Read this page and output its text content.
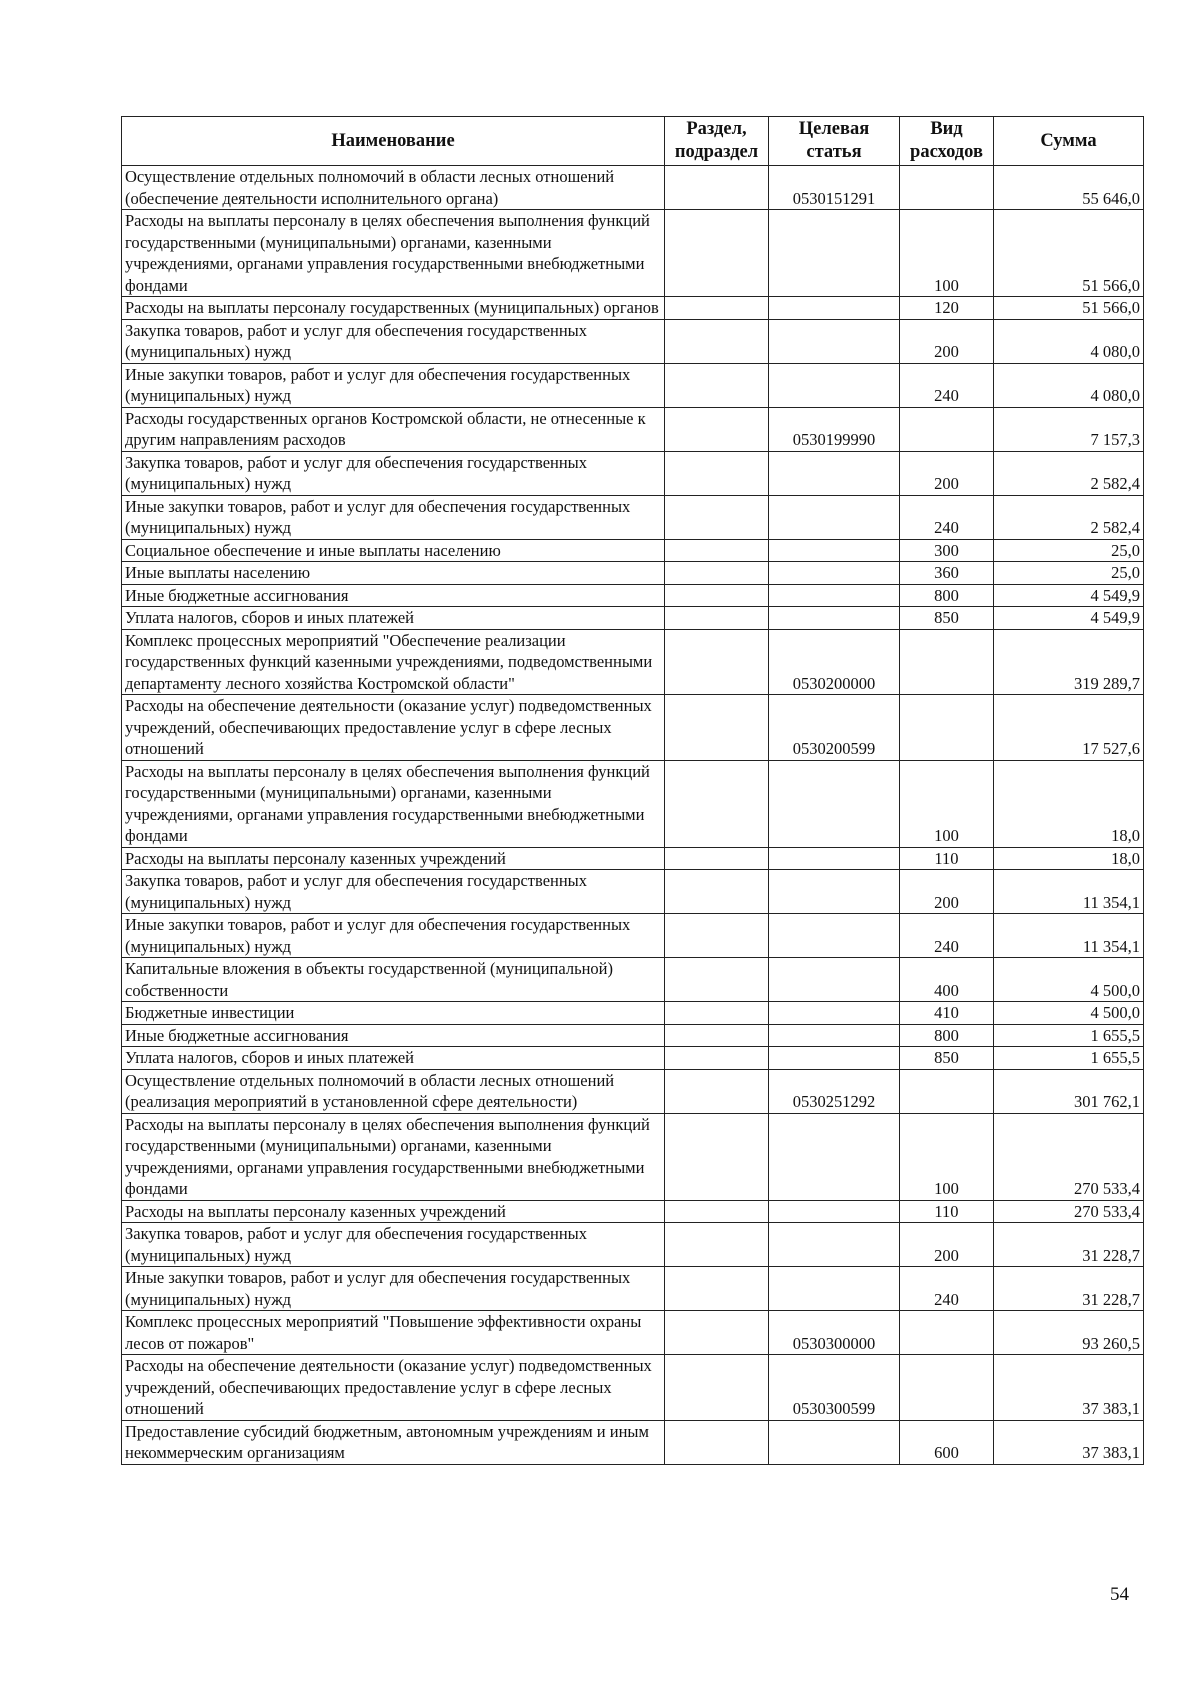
Наименование	Раздел, подраздел	Целевая статья	Вид расходов	Сумма
Осуществление отдельных полномочий в области лесных отношений (обеспечение деятельности исполнительного органа)		0530151291		55 646,0
Расходы на выплаты персоналу в целях обеспечения выполнения функций государственными (муниципальными) органами, казенными учреждениями, органами управления государственными внебюджетными фондами			100	51 566,0
Расходы на выплаты персоналу государственных (муниципальных) органов			120	51 566,0
Закупка товаров, работ и услуг для обеспечения государственных (муниципальных) нужд			200	4 080,0
Иные закупки товаров, работ и услуг для обеспечения государственных (муниципальных) нужд			240	4 080,0
Расходы государственных органов Костромской области, не отнесенные к другим направлениям расходов		0530199990		7 157,3
Закупка товаров, работ и услуг для обеспечения государственных (муниципальных) нужд			200	2 582,4
Иные закупки товаров, работ и услуг для обеспечения государственных (муниципальных) нужд			240	2 582,4
Социальное обеспечение и иные выплаты населению			300	25,0
Иные выплаты населению			360	25,0
Иные бюджетные ассигнования			800	4 549,9
Уплата налогов, сборов и иных платежей			850	4 549,9
Комплекс процессных мероприятий "Обеспечение реализации государственных функций казенными учреждениями, подведомственными департаменту лесного хозяйства Костромской области"		0530200000		319 289,7
Расходы на обеспечение деятельности (оказание услуг) подведомственных учреждений, обеспечивающих предоставление услуг в сфере лесных отношений		0530200599		17 527,6
Расходы на выплаты персоналу в целях обеспечения выполнения функций государственными (муниципальными) органами, казенными учреждениями, органами управления государственными внебюджетными фондами			100	18,0
Расходы на выплаты персоналу казенных учреждений			110	18,0
Закупка товаров, работ и услуг для обеспечения государственных (муниципальных) нужд			200	11 354,1
Иные закупки товаров, работ и услуг для обеспечения государственных (муниципальных) нужд			240	11 354,1
Капитальные вложения в объекты государственной (муниципальной) собственности			400	4 500,0
Бюджетные инвестиции			410	4 500,0
Иные бюджетные ассигнования			800	1 655,5
Уплата налогов, сборов и иных платежей			850	1 655,5
Осуществление отдельных полномочий в области лесных отношений (реализация мероприятий в установленной сфере деятельности)		0530251292		301 762,1
Расходы на выплаты персоналу в целях обеспечения выполнения функций государственными (муниципальными) органами, казенными учреждениями, органами управления государственными внебюджетными фондами			100	270 533,4
Расходы на выплаты персоналу казенных учреждений			110	270 533,4
Закупка товаров, работ и услуг для обеспечения государственных (муниципальных) нужд			200	31 228,7
Иные закупки товаров, работ и услуг для обеспечения государственных (муниципальных) нужд			240	31 228,7
Комплекс процессных мероприятий "Повышение эффективности охраны лесов от пожаров"		0530300000		93 260,5
Расходы на обеспечение деятельности (оказание услуг) подведомственных учреждений, обеспечивающих предоставление услуг в сфере лесных отношений		0530300599		37 383,1
Предоставление субсидий бюджетным, автономным учреждениям и иным некоммерческим организациям			600	37 383,1
54
